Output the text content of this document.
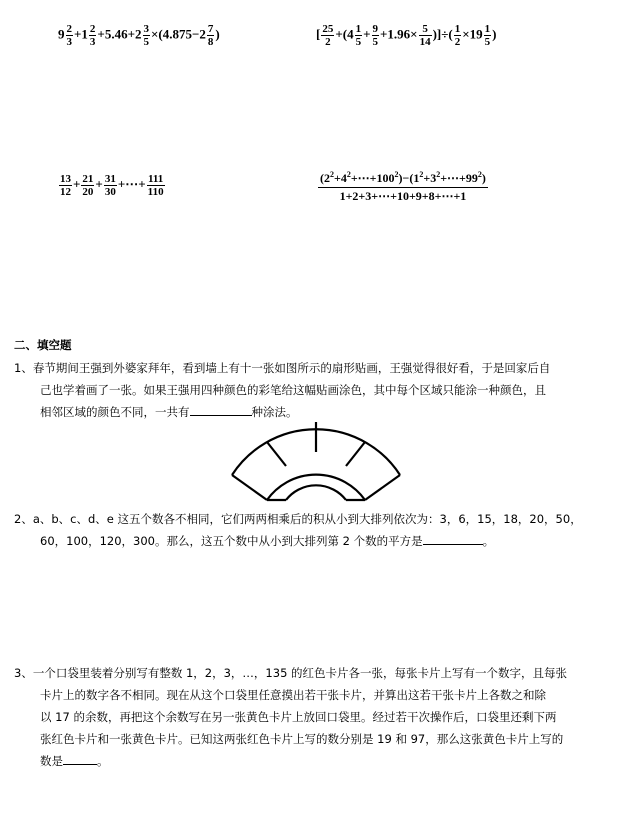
$9 \frac{2}{3} +1 \frac{2}{3} +5.46+2 \frac{3}{5} \times(4.875-2 \frac{7}{8}$ )	[ $\frac{25}{2} +(4 \frac{1}{5} + \frac{9}{5} +1.96\times \frac{5}{14}$ )]÷( $\frac{1}{2} \times 19 \frac{1}{5}$ )
$\frac{13}{12} + \frac{21}{20} + \frac{31}{30}$ +⋯+ $\frac{111}{110}$	$\frac{(2^2+4^2+\cdots+100^2)-(1^2+3^2+\cdots+99^2)}{1+2+3+\cdots+10+9+8+\cdots+1}$
二、填空题
1、春节期间王强到外婆家拜年，看到墙上有十一张如图所示的扇形贴画，王强觉得很好看，于是回家后自
己也学着画了一张。如果王强用四种颜色的彩笔给这幅贴画涂色，其中每个区域只能涂一种颜色，且
相邻区域的颜色不同，一共有	种涂法。
2、a、b、c、d、e 这五个数各不相同，它们两两相乘后的积从小到大排列依次为：3，6，15，18，20，50，
60，100，120，300。那么，这五个数中从小到大排列第 2 个数的平方是	。
3、一个口袋里装着分别写有整数 1，2，3，…，135 的红色卡片各一张，每张卡片上写有一个数字，且每张
卡片上的数字各不相同。现在从这个口袋里任意摸出若干张卡片，并算出这若干张卡片上各数之和除
以 17 的余数，再把这个余数写在另一张黄色卡片上放回口袋里。经过若干次操作后，口袋里还剩下两
张红色卡片和一张黄色卡片。已知这两张红色卡片上写的数分别是 19 和 97，那么这张黄色卡片上写的
数是	。
